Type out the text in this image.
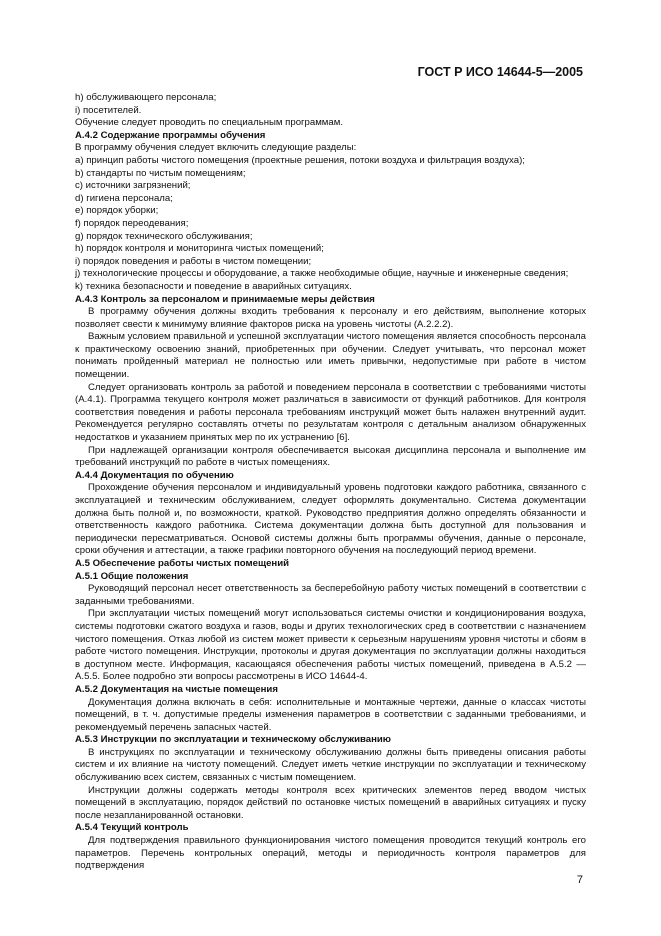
ГОСТ Р ИСО 14644-5—2005

h) обслуживающего персонала;

i) посетителей.

Обучение следует проводить по специальным программам.

А.4.2 Содержание программы обучения

В программу обучения следует включить следующие разделы:

а) принцип работы чистого помещения (проектные решения, потоки воздуха и фильтрация воздуха);

b) стандарты по чистым помещениям;

с) источники загрязнений;

d) гигиена персонала;

е) порядок уборки;

f) порядок переодевания;

g) порядок технического обслуживания;

h) порядок контроля и мониторинга чистых помещений;

i) порядок поведения и работы в чистом помещении;

j) технологические процессы и оборудование, а также необходимые общие, научные и инженерные сведения;

k) техника безопасности и поведение в аварийных ситуациях.

А.4.3 Контроль за персоналом и принимаемые меры действия

В программу обучения должны входить требования к персоналу и его действиям, выполнение которых позволяет свести к минимуму влияние факторов риска на уровень чистоты (А.2.2.2).

Важным условием правильной и успешной эксплуатации чистого помещения является способность персонала к практическому освоению знаний, приобретенных при обучении. Следует учитывать, что персонал может понимать пройденный материал не полностью или иметь привычки, недопустимые при работе в чистом помещении.

Следует организовать контроль за работой и поведением персонала в соответствии с требованиями чистоты (А.4.1). Программа текущего контроля может различаться в зависимости от функций работников. Для контроля соответствия поведения и работы персонала требованиям инструкций может быть налажен внутренний аудит. Рекомендуется регулярно составлять отчеты по результатам контроля с детальным анализом обнаруженных недостатков и указанием принятых мер по их устранению [6].

При надлежащей организации контроля обеспечивается высокая дисциплина персонала и выполнение им требований инструкций по работе в чистых помещениях.

А.4.4 Документация по обучению

Прохождение обучения персоналом и индивидуальный уровень подготовки каждого работника, связанного с эксплуатацией и техническим обслуживанием, следует оформлять документально. Система документации должна быть полной и, по возможности, краткой. Руководство предприятия должно определять обязанности и ответственность каждого работника. Система документации должна быть доступной для пользования и периодически пересматриваться. Основой системы должны быть программы обучения, данные о персонале, сроки обучения и аттестации, а также графики повторного обучения на последующий период времени.

А.5 Обеспечение работы чистых помещений

А.5.1 Общие положения

Руководящий персонал несет ответственность за бесперебойную работу чистых помещений в соответствии с заданными требованиями.

При эксплуатации чистых помещений могут использоваться системы очистки и кондиционирования воздуха, системы подготовки сжатого воздуха и газов, воды и других технологических сред в соответствии с назначением чистого помещения. Отказ любой из систем может привести к серьезным нарушениям уровня чистоты и сбоям в работе чистого помещения. Инструкции, протоколы и другая документация по эксплуатации должны находиться в доступном месте. Информация, касающаяся обеспечения работы чистых помещений, приведена в А.5.2 — А.5.5. Более подробно эти вопросы рассмотрены в ИСО 14644-4.

А.5.2 Документация на чистые помещения

Документация должна включать в себя: исполнительные и монтажные чертежи, данные о классах чистоты помещений, в т. ч. допустимые пределы изменения параметров в соответствии с заданными требованиями, и рекомендуемый перечень запасных частей.

А.5.3 Инструкции по эксплуатации и техническому обслуживанию

В инструкциях по эксплуатации и техническому обслуживанию должны быть приведены описания работы систем и их влияние на чистоту помещений. Следует иметь четкие инструкции по эксплуатации и техническому обслуживанию всех систем, связанных с чистым помещением.

Инструкции должны содержать методы контроля всех критических элементов перед вводом чистых помещений в эксплуатацию, порядок действий по остановке чистых помещений в аварийных ситуациях и пуску после незапланированной остановки.

А.5.4 Текущий контроль

Для подтверждения правильного функционирования чистого помещения проводится текущий контроль его параметров. Перечень контрольных операций, методы и периодичность контроля параметров для подтверждения

7
